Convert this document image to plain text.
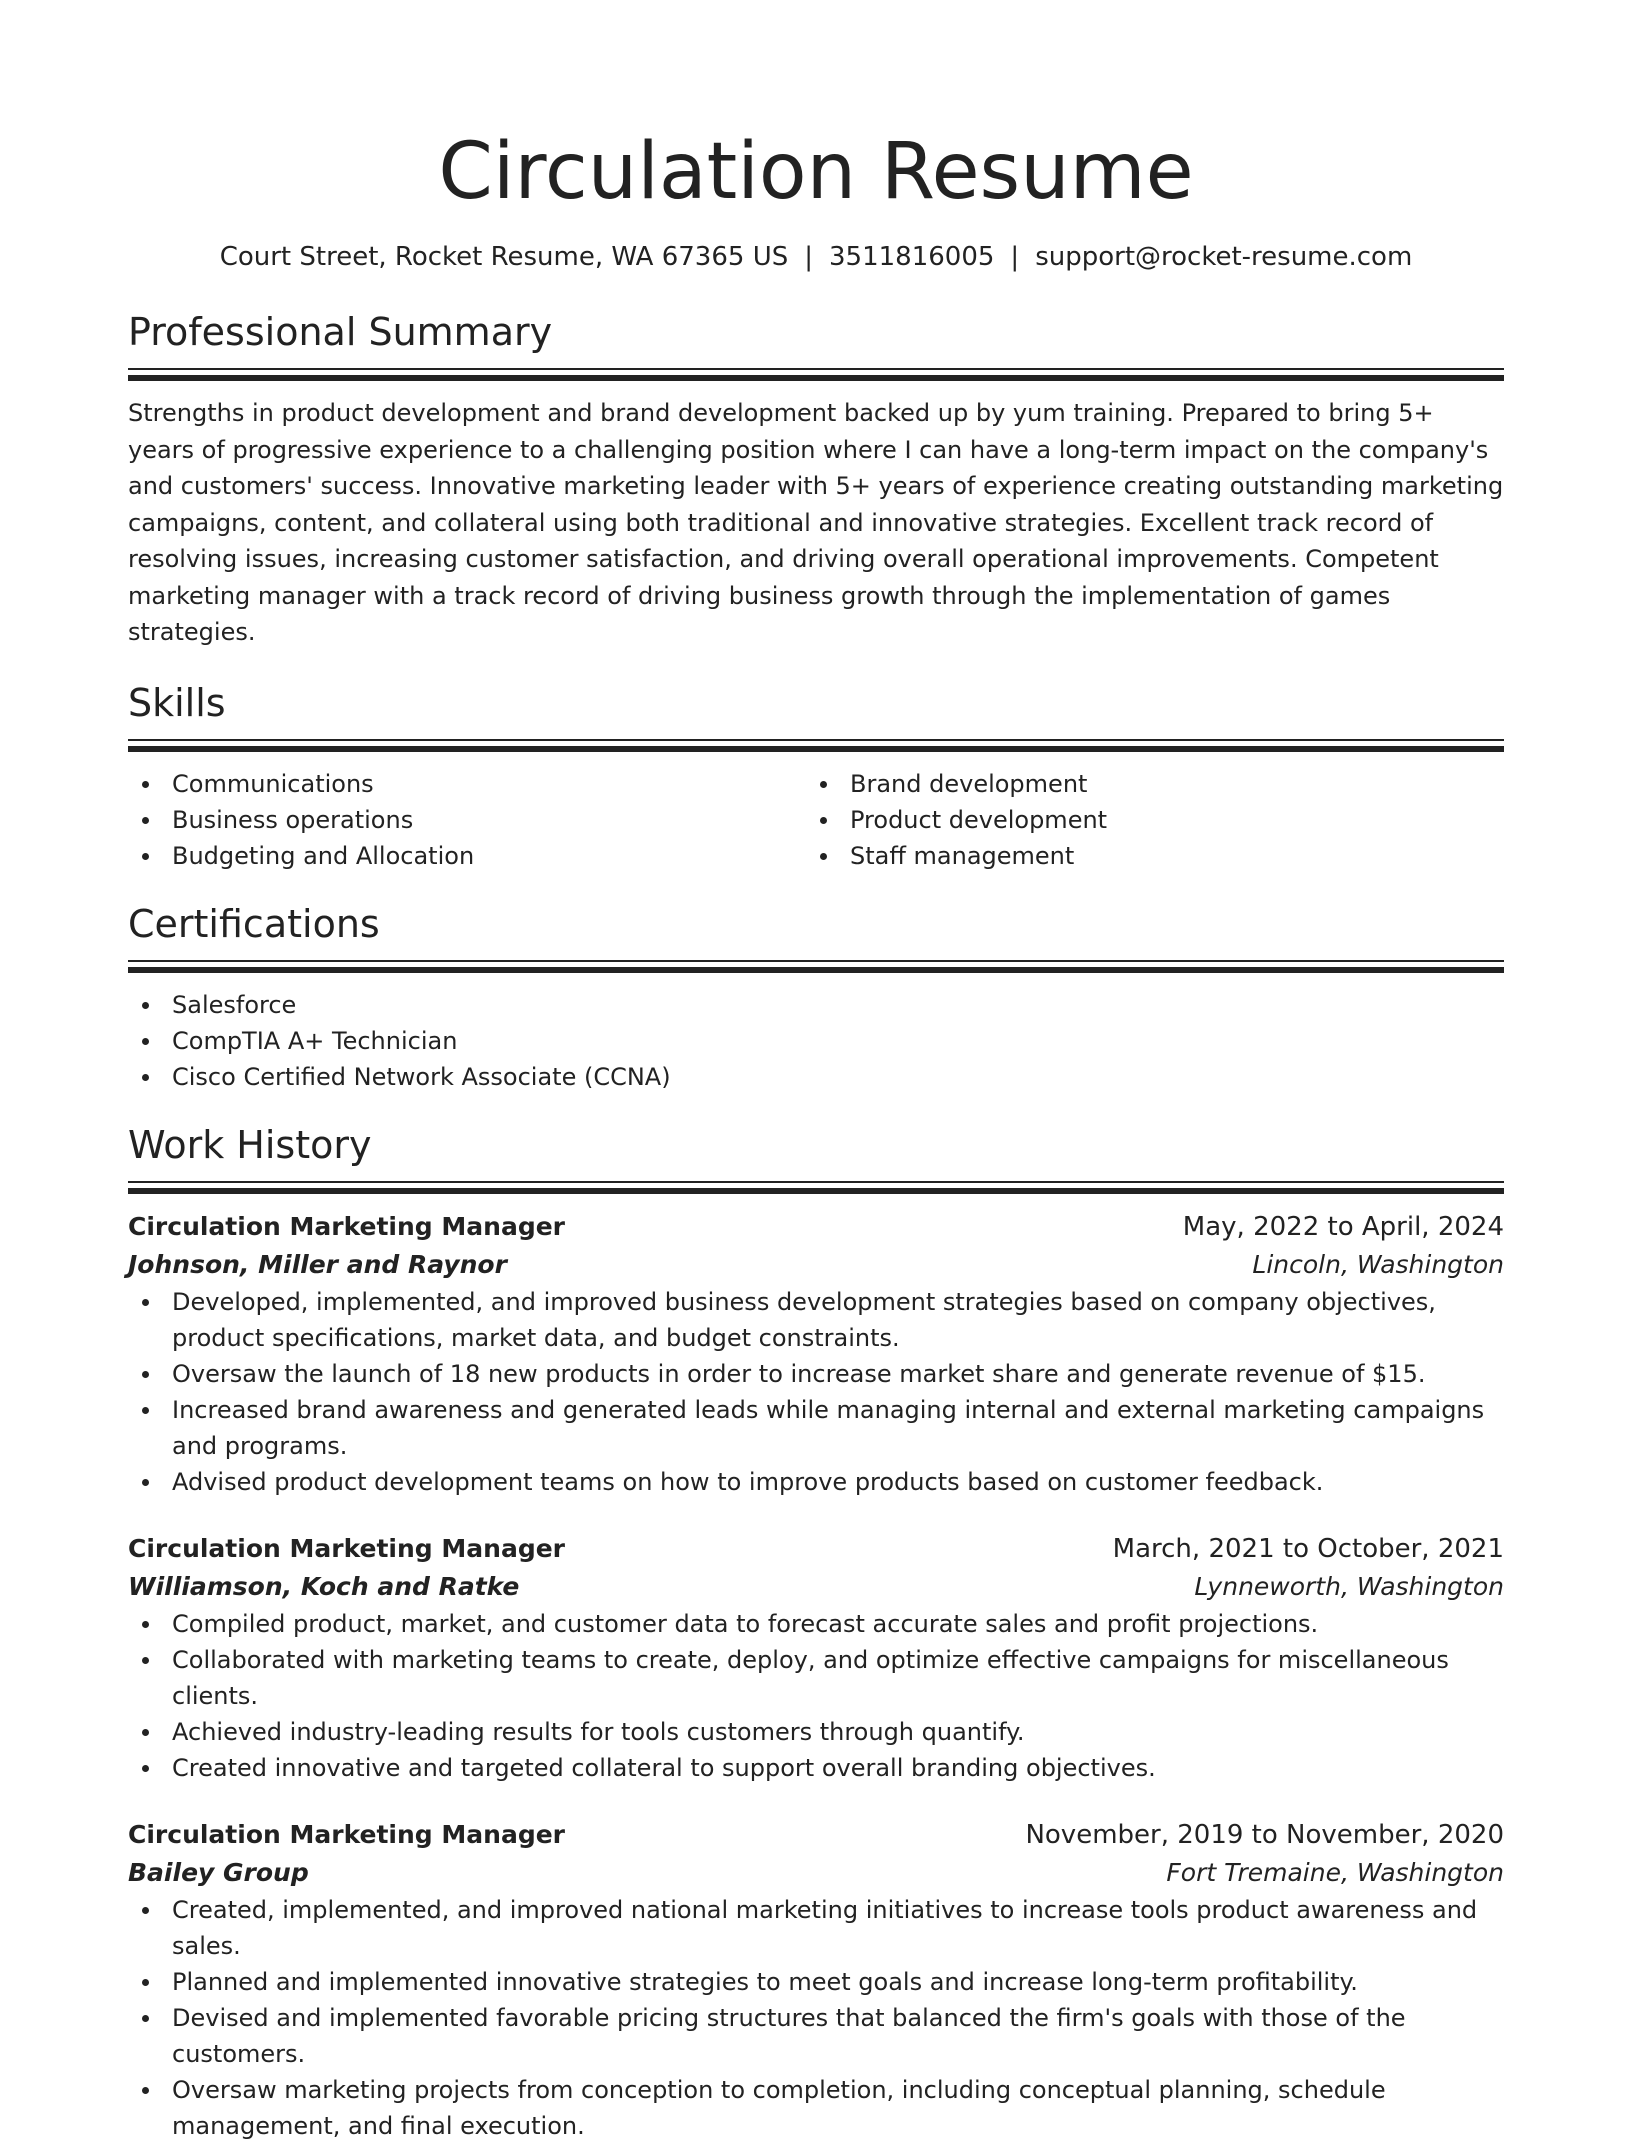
Circulation Resume
Court Street, Rocket Resume, WA 67365 US | 3511816005 | support@rocket-resume.com
Professional Summary

Strengths in product development and brand development backed up by yum training. Prepared to bring 5+ years of progressive experience to a challenging position where I can have a long-term impact on the company's and customers' success. Innovative marketing leader with 5+ years of experience creating outstanding marketing campaigns, content, and collateral using both traditional and innovative strategies. Excellent track record of resolving issues, increasing customer satisfaction, and driving overall operational improvements. Competent marketing manager with a track record of driving business growth through the implementation of games strategies.

Skills
Communications
Business operations
Budgeting and Allocation
Brand development
Product development
Staff management
Certifications
Salesforce
CompTIA A+ Technician
Cisco Certified Network Associate (CCNA)
Work History
Circulation Marketing Manager	May, 2022 to April, 2024
Johnson, Miller and Raynor	Lincoln, Washington
Developed, implemented, and improved business development strategies based on company objectives, product specifications, market data, and budget constraints.
Oversaw the launch of 18 new products in order to increase market share and generate revenue of $15.
Increased brand awareness and generated leads while managing internal and external marketing campaigns and programs.
Advised product development teams on how to improve products based on customer feedback.
Circulation Marketing Manager	March, 2021 to October, 2021
Williamson, Koch and Ratke	Lynneworth, Washington
Compiled product, market, and customer data to forecast accurate sales and profit projections.
Collaborated with marketing teams to create, deploy, and optimize effective campaigns for miscellaneous clients.
Achieved industry-leading results for tools customers through quantify.
Created innovative and targeted collateral to support overall branding objectives.
Circulation Marketing Manager	November, 2019 to November, 2020
Bailey Group	Fort Tremaine, Washington
Created, implemented, and improved national marketing initiatives to increase tools product awareness and sales.
Planned and implemented innovative strategies to meet goals and increase long-term profitability.
Devised and implemented favorable pricing structures that balanced the firm's goals with those of the customers.
Oversaw marketing projects from conception to completion, including conceptual planning, schedule management, and final execution.
